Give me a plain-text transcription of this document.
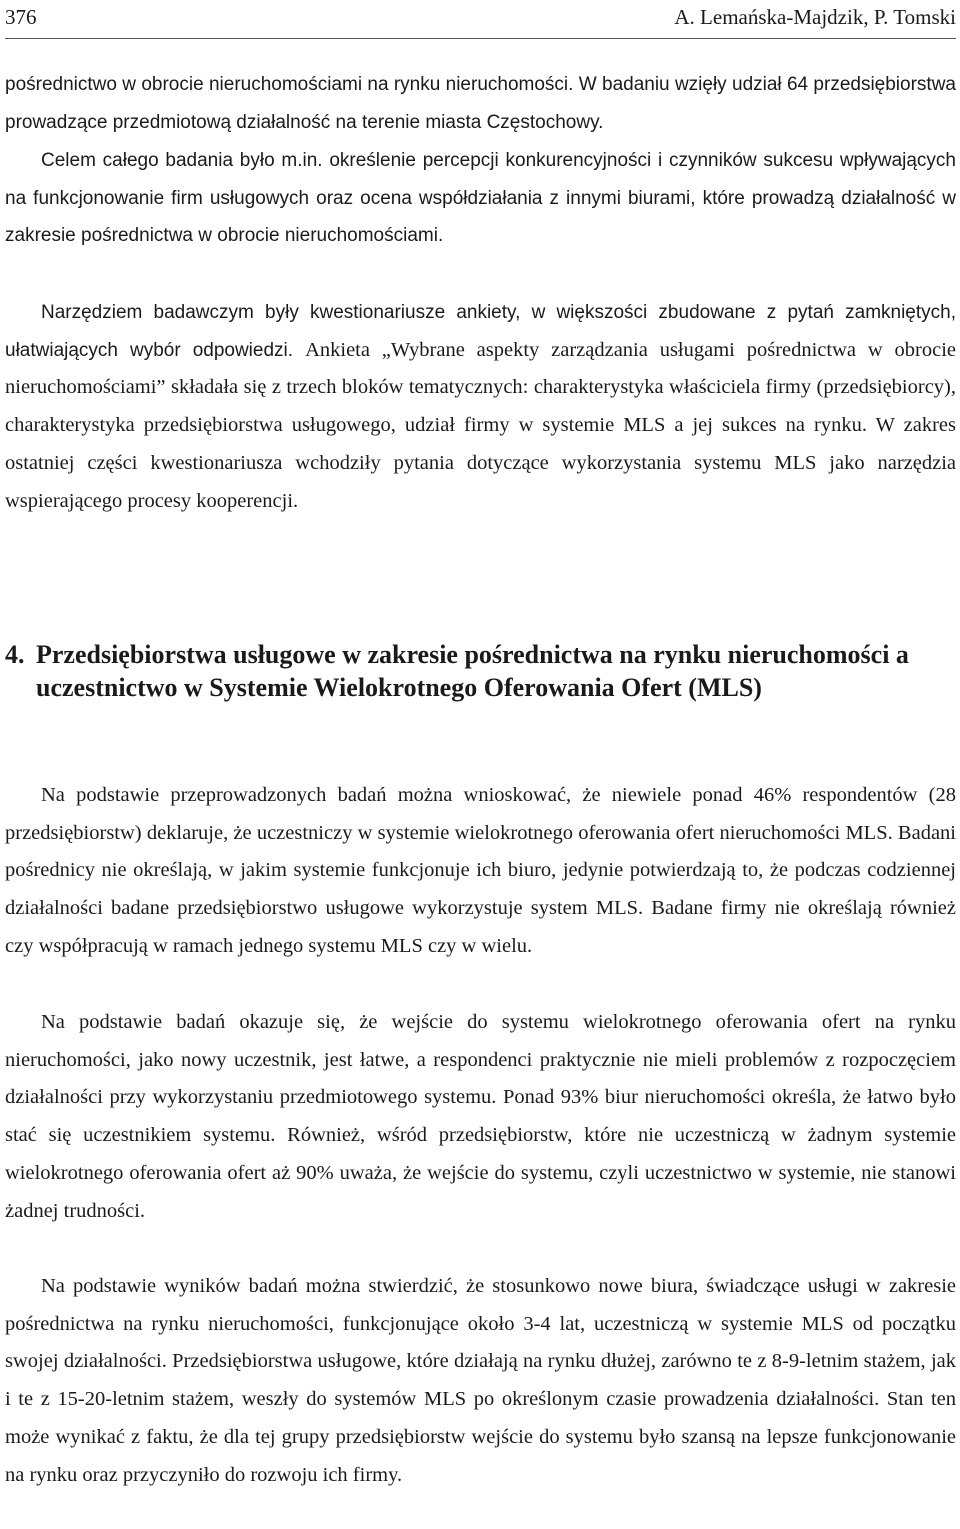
376	A. Lemańska-Majdzik, P. Tomski

pośrednictwo w obrocie nieruchomościami na rynku nieruchomości. W badaniu wzięły udział 64 przedsiębiorstwa prowadzące przedmiotową działalność na terenie miasta Częstochowy.

Celem całego badania było m.in. określenie percepcji konkurencyjności i czynników sukcesu wpływających na funkcjonowanie firm usługowych oraz ocena współdziałania z innymi biurami, które prowadzą działalność w zakresie pośrednictwa w obrocie nieruchomościami.

Narzędziem badawczym były kwestionariusze ankiety, w większości zbudowane z pytań zamkniętych, ułatwiających wybór odpowiedzi. Ankieta „Wybrane aspekty zarządzania usługami pośrednictwa w obrocie nieruchomościami” składała się z trzech bloków tematycznych: charakterystyka właściciela firmy (przedsiębiorcy), charakterystyka przedsiębiorstwa usługowego, udział firmy w systemie MLS a jej sukces na rynku. W zakres ostatniej części kwestionariusza wchodziły pytania dotyczące wykorzystania systemu MLS jako narzędzia wspierającego procesy kooperencji.

4. Przedsiębiorstwa usługowe w zakresie pośrednictwa na rynku nieruchomości a uczestnictwo w Systemie Wielokrotnego Oferowania Ofert (MLS)

Na podstawie przeprowadzonych badań można wnioskować, że niewiele ponad 46% respondentów (28 przedsiębiorstw) deklaruje, że uczestniczy w systemie wielokrotnego oferowania ofert nieruchomości MLS. Badani pośrednicy nie określają, w jakim systemie funkcjonuje ich biuro, jedynie potwierdzają to, że podczas codziennej działalności badane przedsiębiorstwo usługowe wykorzystuje system MLS. Badane firmy nie określają również czy współpracują w ramach jednego systemu MLS czy w wielu.

Na podstawie badań okazuje się, że wejście do systemu wielokrotnego oferowania ofert na rynku nieruchomości, jako nowy uczestnik, jest łatwe, a respondenci praktycznie nie mieli problemów z rozpoczęciem działalności przy wykorzystaniu przedmiotowego systemu. Ponad 93% biur nieruchomości określa, że łatwo było stać się uczestnikiem systemu. Również, wśród przedsiębiorstw, które nie uczestniczą w żadnym systemie wielokrotnego oferowania ofert aż 90% uważa, że wejście do systemu, czyli uczestnictwo w systemie, nie stanowi żadnej trudności.

Na podstawie wyników badań można stwierdzić, że stosunkowo nowe biura, świadczące usługi w zakresie pośrednictwa na rynku nieruchomości, funkcjonujące około 3-4 lat, uczestniczą w systemie MLS od początku swojej działalności. Przedsiębiorstwa usługowe, które działają na rynku dłużej, zarówno te z 8-9-letnim stażem, jak i te z 15-20-letnim stażem, weszły do systemów MLS po określonym czasie prowadzenia działalności. Stan ten może wynikać z faktu, że dla tej grupy przedsiębiorstw wejście do systemu było szansą na lepsze funkcjonowanie na rynku oraz przyczyniło do rozwoju ich firmy.
